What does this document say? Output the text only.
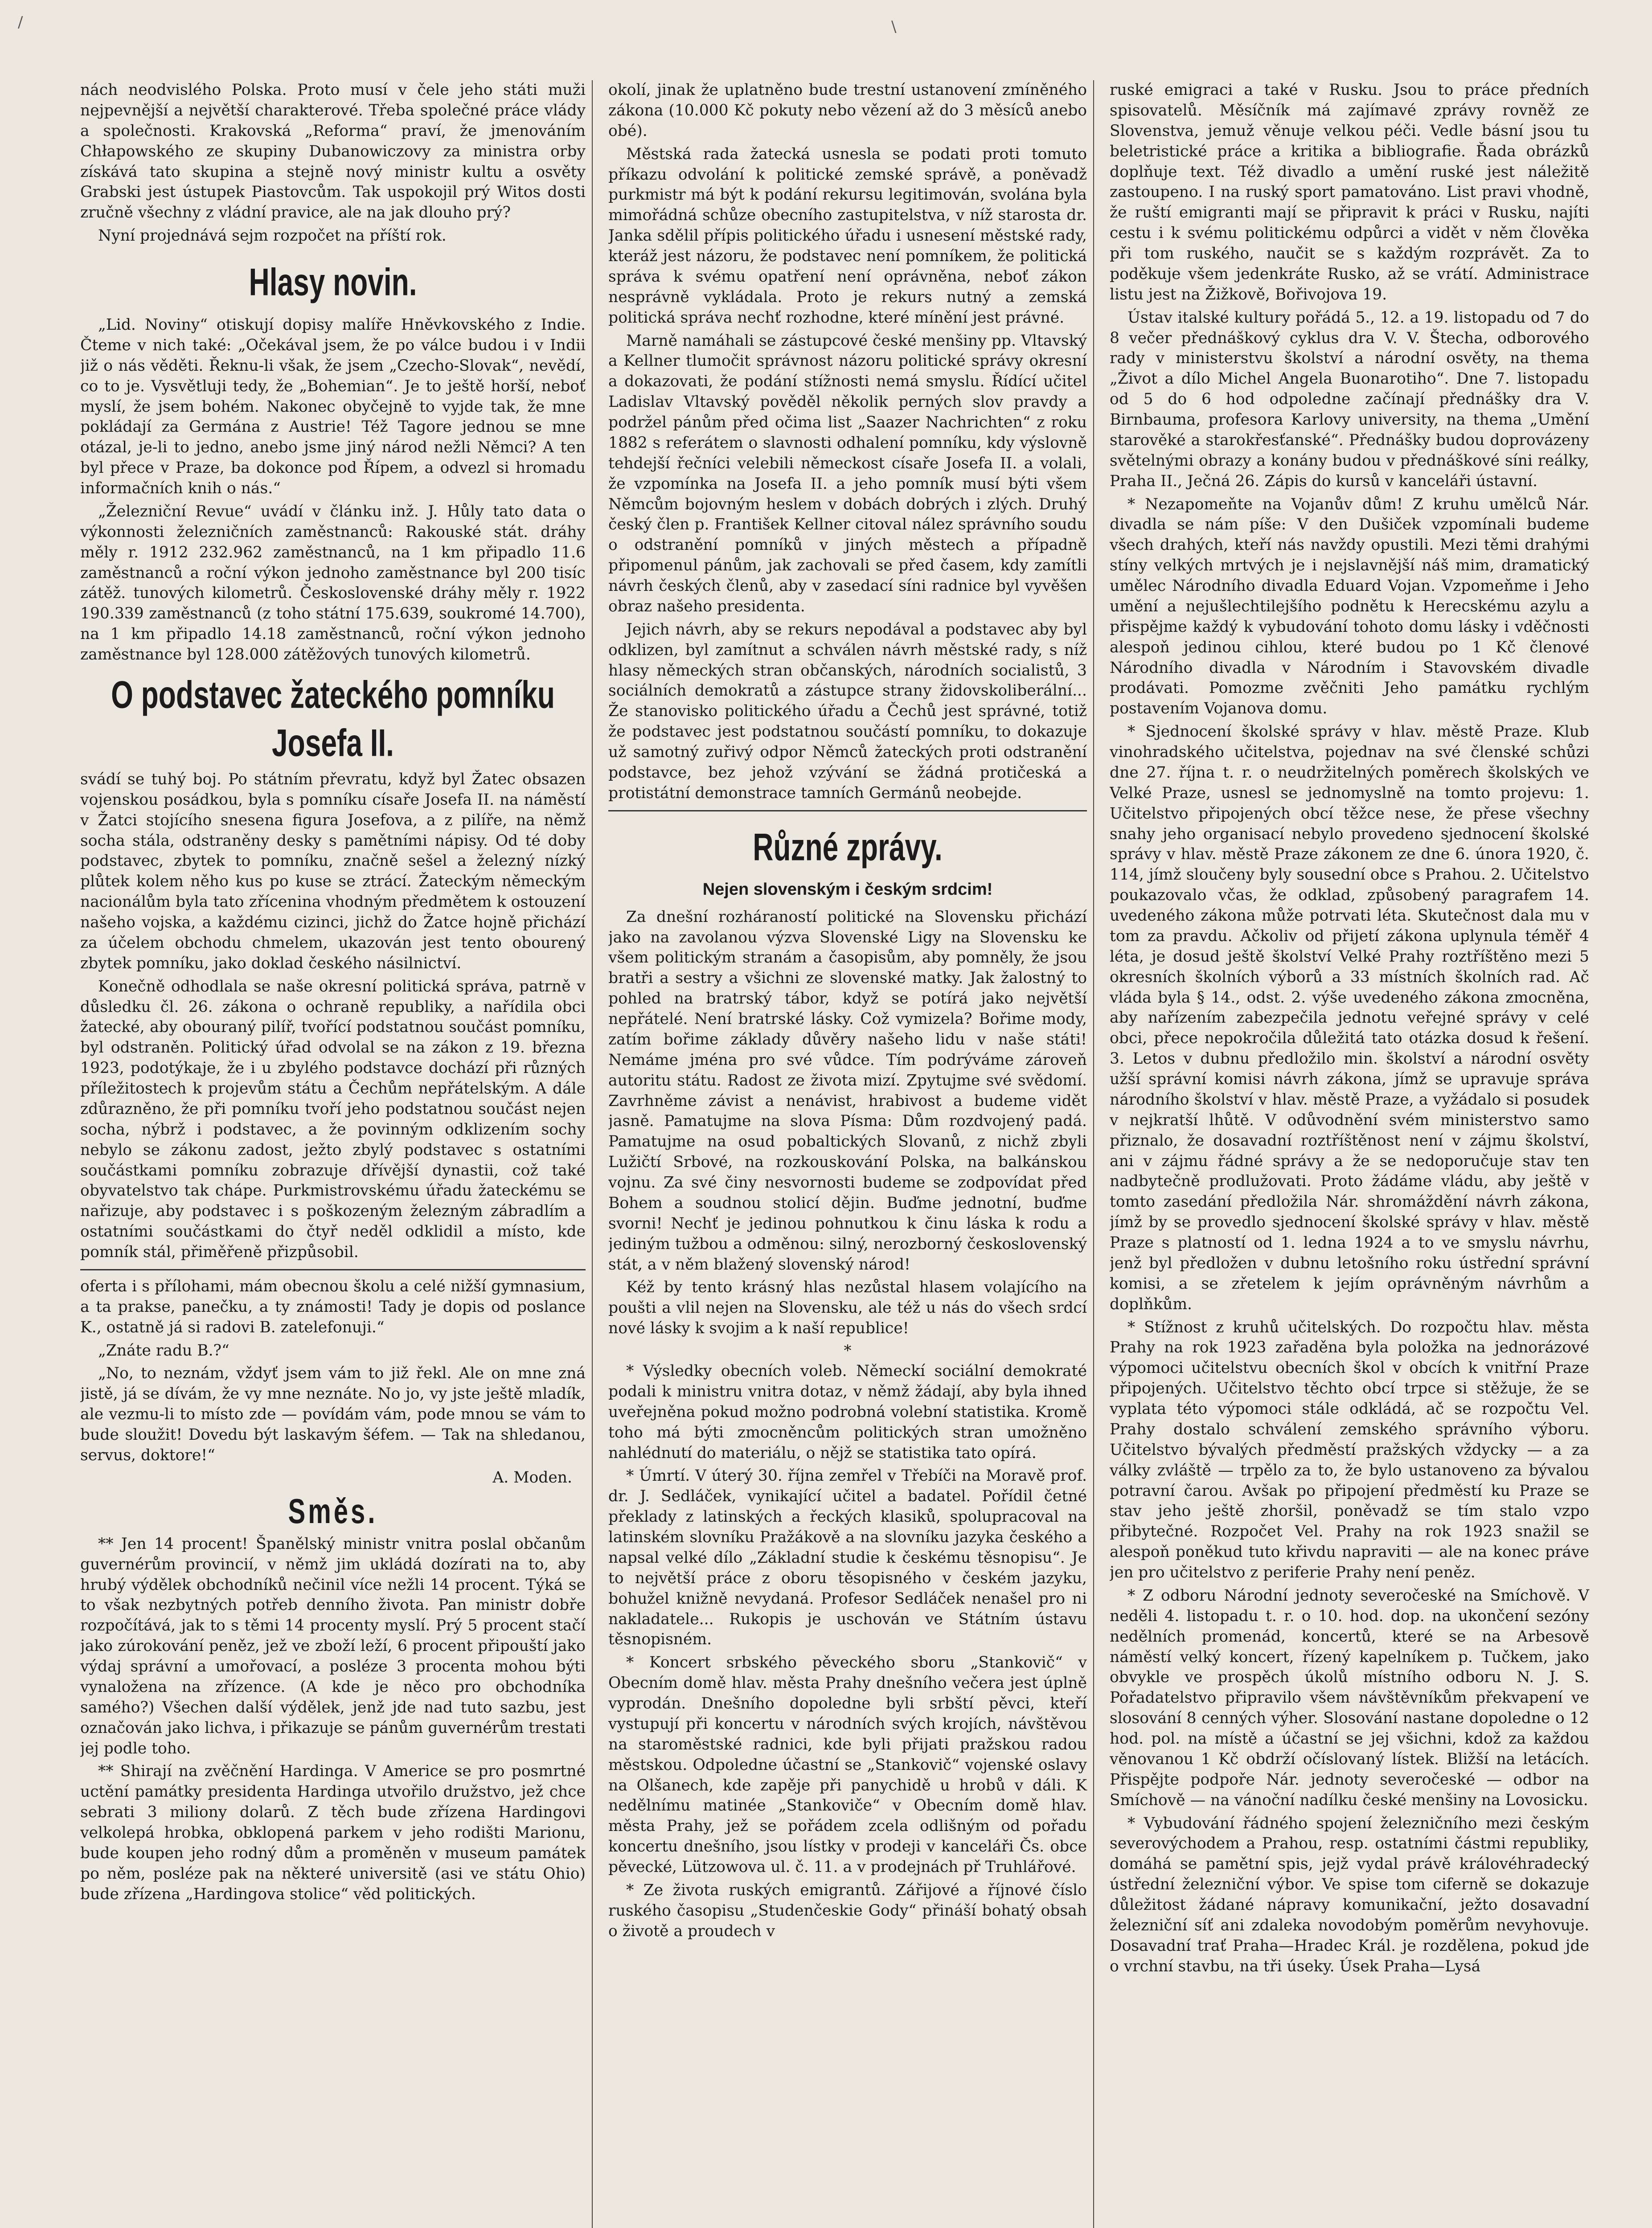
/	\

nách neodvislého Polska. Proto musí v čele jeho státi muži nejpevnější a největší charakterové. Třeba společné práce vlády a společnosti. Krakovská „Reforma“ praví, že jmenováním Chłapowského ze skupiny Dubanowiczovy za ministra orby získává tato skupina a stejně nový ministr kultu a osvěty Grabski jest ústupek Piastovcům. Tak uspokojil prý Witos dosti zručně všechny z vládní pravice, ale na jak dlouho prý?

Nyní projednává sejm rozpočet na příští rok.

Hlasy novin.

„Lid. Noviny“ otiskují dopisy malíře Hněvkovského z Indie. Čteme v nich také: „Očekával jsem, že po válce budou i v Indii již o nás věděti. Řeknu-li však, že jsem „Czecho-Slovak“, nevědí, co to je. Vysvětluji tedy, že „Bohemian“. Je to ještě horší, neboť myslí, že jsem bohém. Nakonec obyčejně to vyjde tak, že mne pokládají za Germána z Austrie! Též Tagore jednou se mne otázal, je-li to jedno, anebo jsme jiný národ nežli Němci? A ten byl přece v Praze, ba dokonce pod Řípem, a odvezl si hromadu informačních knih o nás.“

„Železniční Revue“ uvádí v článku inž. J. Hůly tato data o výkonnosti železničních zaměstnanců: Rakouské stát. dráhy měly r. 1912 232.962 zaměstnanců, na 1 km připadlo 11.6 zaměstnanců a roční výkon jednoho zaměstnance byl 200 tisíc zátěž. tunových kilometrů. Československé dráhy měly r. 1922 190.339 zaměstnanců (z toho státní 175.639, soukromé 14.700), na 1 km připadlo 14.18 zaměstnanců, roční výkon jednoho zaměstnance byl 128.000 zátěžových tunových kilometrů.

O podstavec žateckého pomníku Josefa II.

svádí se tuhý boj. Po státním převratu, když byl Žatec obsazen vojenskou posádkou, byla s pomníku císaře Josefa II. na náměstí v Žatci stojícího snesena figura Josefova, a z pilíře, na němž socha stála, odstraněny desky s pamětními nápisy. Od té doby podstavec, zbytek to pomníku, značně sešel a železný nízký plůtek kolem něho kus po kuse se ztrácí. Žateckým německým nacionálům byla tato zřícenina vhodným předmětem k ostouzení našeho vojska, a každému cizinci, jichž do Žatce hojně přichází za účelem obchodu chmelem, ukazován jest tento obourený zbytek pomníku, jako doklad českého násilnictví.

Konečně odhodlala se naše okresní politická správa, patrně v důsledku čl. 26. zákona o ochraně republiky, a nařídila obci žatecké, aby obouraný pilíř, tvořící podstatnou součást pomníku, byl odstraněn. Politický úřad odvolal se na zákon z 19. března 1923, podotýkaje, že i u zbylého podstavce dochází při různých příležitostech k projevům státu a Čechům nepřátelským. A dále zdůrazněno, že při pomníku tvoří jeho podstatnou součást nejen socha, nýbrž i podstavec, a že povinným odklizením sochy nebylo se zákonu zadost, ježto zbylý podstavec s ostatními součástkami pomníku zobrazuje dřívější dynastii, což také obyvatelstvo tak chápe. Purkmistrovskému úřadu žateckému se nařizuje, aby podstavec i s poškozeným železným zábradlím a ostatními součástkami do čtyř neděl odklidil a místo, kde pomník stál, přiměřeně přizpůsobil.

oferta i s přílohami, mám obecnou školu a celé nižší gymnasium, a ta prakse, panečku, a ty známosti! Tady je dopis od poslance K., ostatně já si radovi B. zatelefonuji.“

„Znáte radu B.?“

„No, to neznám, vždyť jsem vám to již řekl. Ale on mne zná jistě, já se dívám, že vy mne neznáte. No jo, vy jste ještě mladík, ale vezmu-li to místo zde — povídám vám, pode mnou se vám to bude sloužit! Dovedu být laskavým šéfem. — Tak na shledanou, servus, doktore!“

A. Moden.
Směs.

** Jen 14 procent! Španělský ministr vnitra poslal občanům guvernérům provincií, v němž jim ukládá dozírati na to, aby hrubý výdělek obchodníků nečinil více nežli 14 procent. Týká se to však nezbytných potřeb denního života. Pan ministr dobře rozpočítává, jak to s těmi 14 procenty myslí. Prý 5 procent stačí jako zúrokování peněz, jež ve zboží leží, 6 procent připouští jako výdaj správní a umořovací, a posléze 3 procenta mohou býti vynaložena na zřízence. (A kde je něco pro obchodníka samého?) Všechen další výdělek, jenž jde nad tuto sazbu, jest označován jako lichva, i přikazuje se pánům guvernérům trestati jej podle toho.

** Shirají na zvěčnění Hardinga. V Americe se pro posmrtné uctění památky presidenta Hardinga utvořilo družstvo, jež chce sebrati 3 miliony dolarů. Z těch bude zřízena Hardingovi velkolepá hrobka, obklopená parkem v jeho rodišti Marionu, bude koupen jeho rodný dům a proměněn v museum památek po něm, posléze pak na některé universitě (asi ve státu Ohio) bude zřízena „Hardingova stolice“ věd politických.

okolí, jinak že uplatněno bude trestní ustanovení zmíněného zákona (10.000 Kč pokuty nebo vězení až do 3 měsíců anebo obé).

Městská rada žatecká usnesla se podati proti tomuto příkazu odvolání k politické zemské správě, a poněvadž purkmistr má být k podání rekursu legitimován, svolána byla mimořádná schůze obecního zastupitelstva, v níž starosta dr. Janka sdělil přípis politického úřadu i usnesení městské rady, kteráž jest názoru, že podstavec není pomníkem, že politická správa k svému opatření není oprávněna, neboť zákon nesprávně vykládala. Proto je rekurs nutný a zemská politická správa nechť rozhodne, které mínění jest právné.

Marně namáhali se zástupcové české menšiny pp. Vltavský a Kellner tlumočit správnost názoru politické správy okresní a dokazovati, že podání stížnosti nemá smyslu. Řídící učitel Ladislav Vltavský pověděl několik perných slov pravdy a podržel pánům před očima list „Saazer Nachrichten“ z roku 1882 s referátem o slavnosti odhalení pomníku, kdy výslovně tehdejší řečníci velebili německost císaře Josefa II. a volali, že vzpomínka na Josefa II. a jeho pomník musí býti všem Němcům bojovným heslem v dobách dobrých i zlých. Druhý český člen p. František Kellner citoval nález správního soudu o odstranění pomníků v jiných městech a případně připomenul pánům, jak zachovali se před časem, kdy zamítli návrh českých členů, aby v zasedací síni radnice byl vyvěšen obraz našeho presidenta.

Jejich návrh, aby se rekurs nepodával a podstavec aby byl odklizen, byl zamítnut a schválen návrh městské rady, s níž hlasy německých stran občanských, národních socialistů, 3 sociálních demokratů a zástupce strany židovskoliberální... Že stanovisko politického úřadu a Čechů jest správné, totiž že podstavec jest podstatnou součástí pomníku, to dokazuje už samotný zuřivý odpor Němců žateckých proti odstranění podstavce, bez jehož vzývání se žádná protičeská a protistátní demonstrace tamních Germánů neobejde.

Různé zprávy.
Nejen slovenským i českým srdcim!

Za dnešní rozháraností politické na Slovensku přichází jako na zavolanou výzva Slovenské Ligy na Slovensku ke všem politickým stranám a časopisům, aby pomněly, že jsou bratři a sestry a všichni ze slovenské matky. Jak žalostný to pohled na bratrský tábor, když se potírá jako největší nepřátelé. Není bratrské lásky. Což vymizela? Bořime mody, zatím bořime základy důvěry našeho lidu v naše státi! Nemáme jména pro své vůdce. Tím podrýváme zároveň autoritu státu. Radost ze života mizí. Zpytujme své svědomí. Zavrhněme závist a nenávist, hrabivost a budeme vidět jasně. Pamatujme na slova Písma: Dům rozdvojený padá. Pamatujme na osud pobaltických Slovanů, z nichž zbyli Lužičtí Srbové, na rozkouskování Polska, na balkánskou vojnu. Za své činy nesvornosti budeme se zodpovídat před Bohem a soudnou stolicí dějin. Buďme jednotní, buďme svorni! Nechť je jedinou pohnutkou k činu láska k rodu a jediným tužbou a odměnou: silný, nerozborný československý stát, a v něm blažený slovenský národ!

Kéž by tento krásný hlas nezůstal hlasem volajícího na poušti a vlil nejen na Slovensku, ale též u nás do všech srdcí nové lásky k svojim a k naší republice!

*

* Výsledky obecních voleb. Německí sociální demokraté podali k ministru vnitra dotaz, v němž žádají, aby byla ihned uveřejněna pokud možno podrobná volební statistika. Kromě toho má býti zmocněncům politických stran umožněno nahlédnutí do materiálu, o nějž se statistika tato opírá.

* Úmrtí. V úterý 30. října zemřel v Třebíči na Moravě prof. dr. J. Sedláček, vynikající učitel a badatel. Pořídil četné překlady z latinských a řeckých klasiků, spolupracoval na latinském slovníku Pražákově a na slovníku jazyka českého a napsal velké dílo „Základní studie k českému těsnopisu“. Je to největší práce z oboru těsopisného v českém jazyku, bohužel knižně nevydaná. Profesor Sedláček nenašel pro ni nakladatele... Rukopis je uschován ve Státním ústavu těsnopisném.

* Koncert srbského pěveckého sboru „Stankovič“ v Obecním domě hlav. města Prahy dnešního večera jest úplně vyprodán. Dnešního dopoledne byli srbští pěvci, kteří vystupují při koncertu v národních svých krojích, návštěvou na staroměstské radnici, kde byli přijati pražskou radou městskou. Odpoledne účastní se „Stankovič“ vojenské oslavy na Olšanech, kde zapěje při panychidě u hrobů v dáli. K nedělnímu matinée „Stankoviče“ v Obecním domě hlav. města Prahy, jež se pořádem zcela odlišným od pořadu koncertu dnešního, jsou lístky v prodeji v kanceláři Čs. obce pěvecké, Lützowova ul. č. 11. a v prodejnách př Truhlářové.

* Ze života ruských emigrantů. Zářijové a říjnové číslo ruského časopisu „Studenčeskie Gody“ přináší bohatý obsah o životě a proudech v

ruské emigraci a také v Rusku. Jsou to práce předních spisovatelů. Měsíčník má zajímavé zprávy rovněž ze Slovenstva, jemuž věnuje velkou péči. Vedle básní jsou tu beletristické práce a kritika a bibliografie. Řada obrázků doplňuje text. Též divadlo a umění ruské jest náležitě zastoupeno. I na ruský sport pamatováno. List pravi vhodně, že ruští emigranti mají se připravit k práci v Rusku, najíti cestu i k svému politickému odpůrci a vidět v něm člověka při tom ruského, naučit se s každým rozprávět. Za to poděkuje všem jedenkráte Rusko, až se vrátí. Administrace listu jest na Žižkově, Bořivojova 19.

Ústav italské kultury pořádá 5., 12. a 19. listopadu od 7 do 8 večer přednáškový cyklus dra V. V. Štecha, odborového rady v ministerstvu školství a národní osvěty, na thema „Život a dílo Michel Angela Buonarotiho“. Dne 7. listopadu od 5 do 6 hod odpoledne začínají přednášky dra V. Birnbauma, profesora Karlovy university, na thema „Umění starověké a starokřesťanské“. Přednášky budou doprovázeny světelnými obrazy a konány budou v přednáškové síni reálky, Praha II., Ječná 26. Zápis do kursů v kanceláři ústavní.

* Nezapomeňte na Vojanův dům! Z kruhu umělců Nár. divadla se nám píše: V den Dušiček vzpomínali budeme všech drahých, kteří nás navždy opustili. Mezi těmi drahými stíny velkých mrtvých je i nejslavnější náš mim, dramatický umělec Národního divadla Eduard Vojan. Vzpomeňme i Jeho umění a nejušlechtilejšího podnětu k Herecskému azylu a přispějme každý k vybudování tohoto domu lásky i vděčnosti alespoň jedinou cihlou, které budou po 1 Kč členové Národního divadla v Národním i Stavovském divadle prodávati. Pomozme zvěčniti Jeho památku rychlým postavením Vojanova domu.

* Sjednocení školské správy v hlav. městě Praze. Klub vinohradského učitelstva, pojednav na své členské schůzi dne 27. října t. r. o neudržitelných poměrech školských ve Velké Praze, usnesl se jednomyslně na tomto projevu: 1. Učitelstvo připojených obcí těžce nese, že přese všechny snahy jeho organisací nebylo provedeno sjednocení školské správy v hlav. městě Praze zákonem ze dne 6. února 1920, č. 114, jímž sloučeny byly sousední obce s Prahou. 2. Učitelstvo poukazovalo včas, že odklad, způsobený paragrafem 14. uvedeného zákona může potrvati léta. Skutečnost dala mu v tom za pravdu. Ačkoliv od přijetí zákona uplynula téměř 4 léta, je dosud ještě školství Velké Prahy roztříštěno mezi 5 okresních školních výborů a 33 místních školních rad. Ač vláda byla § 14., odst. 2. výše uvedeného zákona zmocněna, aby nařízením zabezpečila jednotu veřejné správy v celé obci, přece nepokročila důležitá tato otázka dosud k řešení. 3. Letos v dubnu předložilo min. školství a národní osvěty užší správní komisi návrh zákona, jímž se upravuje správa národního školství v hlav. městě Praze, a vyžádalo si posudek v nejkratší lhůtě. V odůvodnění svém ministerstvo samo přiznalo, že dosavadní roztříštěnost není v zájmu školství, ani v zájmu řádné správy a že se nedoporučuje stav ten nadbytečně prodlužovati. Proto žádáme vládu, aby ještě v tomto zasedání předložila Nár. shromáždění návrh zákona, jímž by se provedlo sjednocení školské správy v hlav. městě Praze s platností od 1. ledna 1924 a to ve smyslu návrhu, jenž byl předložen v dubnu letošního roku ústřední správní komisi, a se zřetelem k jejím oprávněným návrhům a doplňkům.

* Stížnost z kruhů učitelských. Do rozpočtu hlav. města Prahy na rok 1923 zařaděna byla položka na jednorázové výpomoci učitelstvu obecních škol v obcích k vnitřní Praze připojených. Učitelstvo těchto obcí trpce si stěžuje, že se vyplata této výpomoci stále odkládá, ač se rozpočtu Vel. Prahy dostalo schválení zemského správního výboru. Učitelstvo bývalých předměstí pražských vždycky — a za války zvláště — trpělo za to, že bylo ustanoveno za bývalou potravní čarou. Avšak po připojení předměstí ku Praze se stav jeho ještě zhoršil, poněvadž se tím stalo vzpo přibytečné. Rozpočet Vel. Prahy na rok 1923 snažil se alespoň poněkud tuto křivdu napraviti — ale na konec práve jen pro učitelstvo z periferie Prahy není peněz.

* Z odboru Národní jednoty severočeské na Smíchově. V neděli 4. listopadu t. r. o 10. hod. dop. na ukončení sezóny nedělních promenád, koncertů, které se na Arbesově náměstí velký koncert, řízený kapelníkem p. Tučkem, jako obvykle ve prospěch úkolů místního odboru N. J. S. Pořadatelstvo připravilo všem návštěvníkům překvapení ve slosování 8 cenných výher. Slosování nastane dopoledne o 12 hod. pol. na místě a účastní se jej všichni, kdož za každou věnovanou 1 Kč obdrží očíslovaný lístek. Bližší na letácích. Přispějte podpoře Nár. jednoty severočeské — odbor na Smíchově — na vánoční nadílku české menšiny na Lovosicku.

* Vybudování řádného spojení železničního mezi českým severovýchodem a Prahou, resp. ostatními částmi republiky, domáhá se pamětní spis, jejž vydal právě královéhradecký ústřední železniční výbor. Ve spise tom ciferně se dokazuje důležitost žádané nápravy komunikační, ježto dosavadní železniční síť ani zdaleka novodobým poměrům nevyhovuje. Dosavadní trať Praha—Hradec Král. je rozdělena, pokud jde o vrchní stavbu, na tři úseky. Úsek Praha—Lysá
